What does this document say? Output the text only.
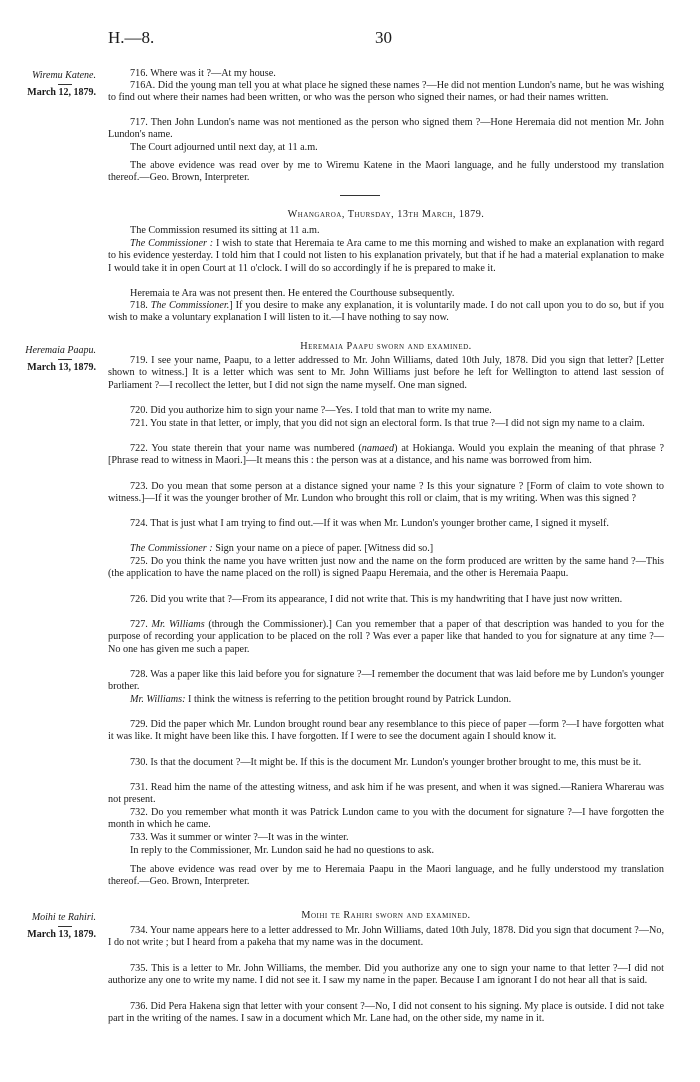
H.—8.	30
Wiremu Katene.
March 12, 1879.
Heremaia Paapu.
March 13, 1879.
Moihi te Rahiri.
March 13, 1879.

716. Where was it ?—At my house.

716A. Did the young man tell you at what place he signed these names ?—He did not mention Lundon's name, but he was wishing to find out where their names had been written, or who was the person who signed their names, or had their names written.

717. Then John Lundon's name was not mentioned as the person who signed them ?—Hone Heremaia did not mention Mr. John Lundon's name.

The Court adjourned until next day, at 11 a.m.

The above evidence was read over by me to Wiremu Katene in the Maori language, and he fully understood my translation thereof.—Geo. Brown, Interpreter.

Whangaroa, Thursday, 13th March, 1879.

The Commission resumed its sitting at 11 a.m.

The Commissioner : I wish to state that Heremaia te Ara came to me this morning and wished to make an explanation with regard to his evidence yesterday. I told him that I could not listen to his explanation privately, but that if he had a material explanation to make I would take it in open Court at 11 o'clock. I will do so accordingly if he is prepared to make it.

Heremaia te Ara was not present then. He entered the Courthouse subsequently.

718. The Commissioner.] If you desire to make any explanation, it is voluntarily made. I do not call upon you to do so, but if you wish to make a voluntary explanation I will listen to it.—I have nothing to say now.

Heremaia Paapu sworn and examined.

719. I see your name, Paapu, to a letter addressed to Mr. John Williams, dated 10th July, 1878. Did you sign that letter? [Letter shown to witness.] It is a letter which was sent to Mr. John Williams just before he left for Wellington to attend last session of Parliament ?—I recollect the letter, but I did not sign the name myself. One man signed.

720. Did you authorize him to sign your name ?—Yes. I told that man to write my name.

721. You state in that letter, or imply, that you did not sign an electoral form. Is that true ?—I did not sign my name to a claim.

722. You state therein that your name was numbered (namaed) at Hokianga. Would you explain the meaning of that phrase ? [Phrase read to witness in Maori.]—It means this : the person was at a distance, and his name was borrowed from him.

723. Do you mean that some person at a distance signed your name ? Is this your signature ? [Form of claim to vote shown to witness.]—If it was the younger brother of Mr. Lundon who brought this roll or claim, that is my writing. When was this signed ?

724. That is just what I am trying to find out.—If it was when Mr. Lundon's younger brother came, I signed it myself.

The Commissioner : Sign your name on a piece of paper. [Witness did so.]

725. Do you think the name you have written just now and the name on the form produced are written by the same hand ?—This (the application to have the name placed on the roll) is signed Paapu Heremaia, and the other is Heremaia Paapu.

726. Did you write that ?—From its appearance, I did not write that. This is my handwriting that I have just now written.

727. Mr. Williams (through the Commissioner).] Can you remember that a paper of that description was handed to you for the purpose of recording your application to be placed on the roll ? Was ever a paper like that handed to you for signature at any time ?—No one has given me such a paper.

728. Was a paper like this laid before you for signature ?—I remember the document that was laid before me by Lundon's younger brother.

Mr. Williams: I think the witness is referring to the petition brought round by Patrick Lundon.

729. Did the paper which Mr. Lundon brought round bear any resemblance to this piece of paper —form ?—I have forgotten what it was like. It might have been like this. I have forgotten. If I were to see the document again I should know it.

730. Is that the document ?—It might be. If this is the document Mr. Lundon's younger brother brought to me, this must be it.

731. Read him the name of the attesting witness, and ask him if he was present, and when it was signed.—Raniera Wharerau was not present.

732. Do you remember what month it was Patrick Lundon came to you with the document for signature ?—I have forgotten the month in which he came.

733. Was it summer or winter ?—It was in the winter.

In reply to the Commissioner, Mr. Lundon said he had no questions to ask.

The above evidence was read over by me to Heremaia Paapu in the Maori language, and he fully understood my translation thereof.—Geo. Brown, Interpreter.

Moihi te Rahiri sworn and examined.

734. Your name appears here to a letter addressed to Mr. John Williams, dated 10th July, 1878. Did you sign that document ?—No, I do not write ; but I heard from a pakeha that my name was in the document.

735. This is a letter to Mr. John Williams, the member. Did you authorize any one to sign your name to that letter ?—I did not authorize any one to write my name. I did not see it. I saw my name in the paper. Because I am ignorant I do not hear all that is said.

736. Did Pera Hakena sign that letter with your consent ?—No, I did not consent to his signing. My place is outside. I did not take part in the writing of the names. I saw in a document which Mr. Lane had, on the other side, my name in it.
